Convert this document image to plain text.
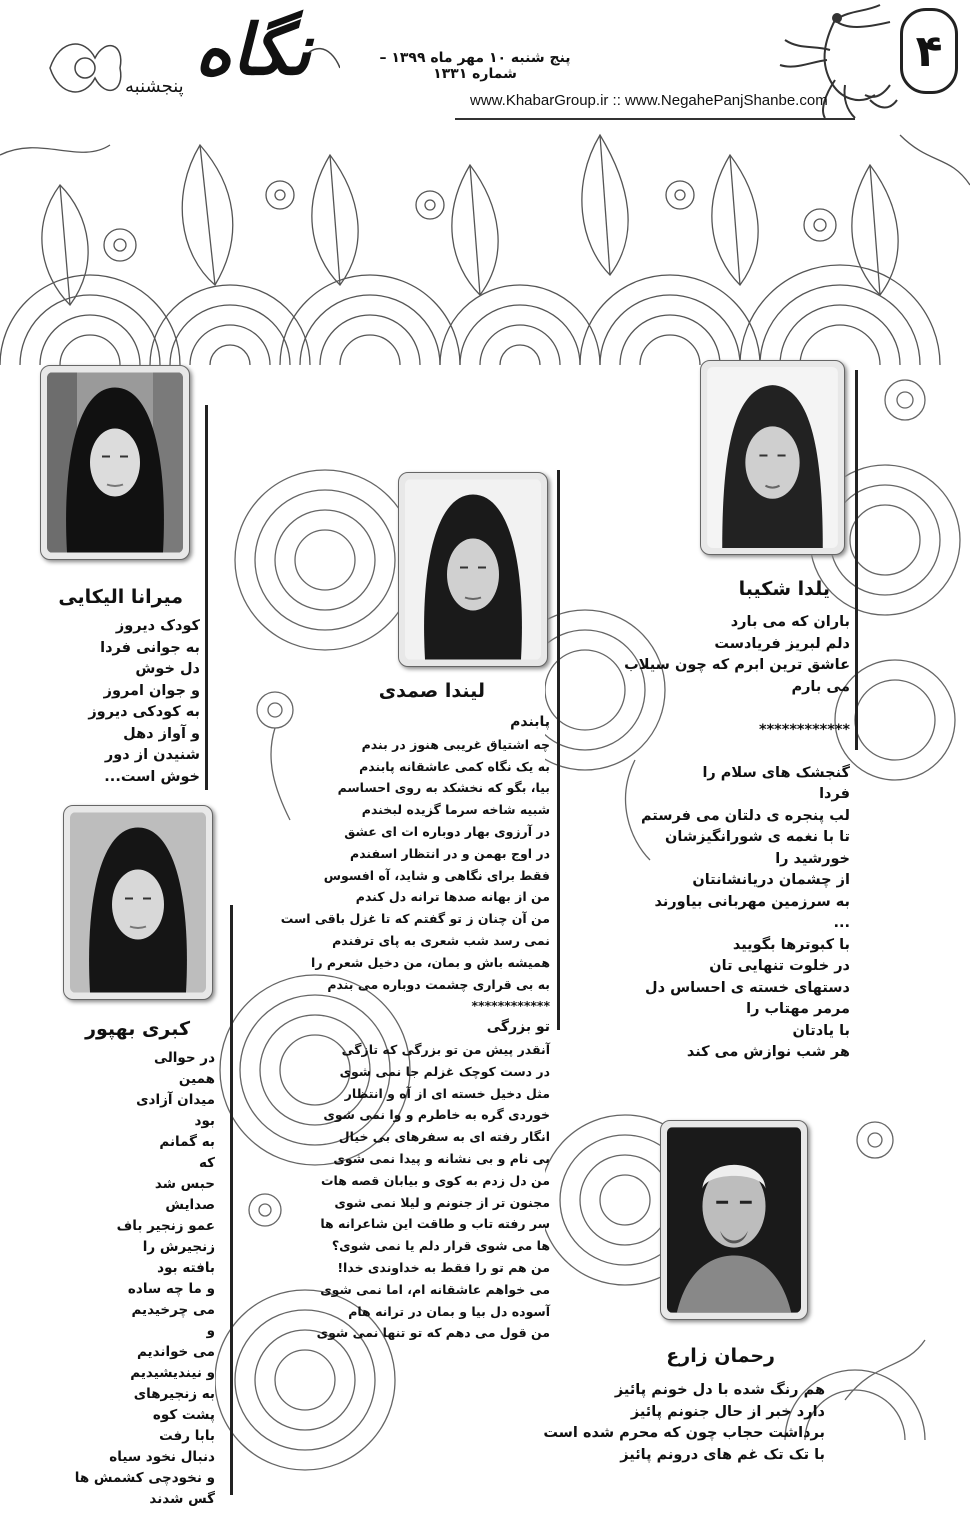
۴
پنج شنبه ۱۰ مهر ماه ۱۳۹۹ – شماره ۱۳۳۱
www.KhabarGroup.ir :: www.NegahePanjShanbe.com
نگاه
پنجشنبه
یلدا شکیبا
باران که می بارد
دلم لبریز فریادست
عاشق ترین ابرم که چون سیلاب
می بارم
************
گنجشک های سلام را
فردا
لب پنجره ی دلتان می فرستم
تا با نغمه ی شورانگیزشان
خورشید را
از چشمان دریانشانتان
به سرزمین مهربانی بیاورند
...
با کبوترها بگویید
در خلوت تنهایی تان
دستهای خسته ی احساس دل
مرمر مهتاب را
با یادتان
هر شب نوازش می کند
لیندا صمدی
پابندم
چه اشتیاق غریبی هنوز در بندم
به یک نگاه کمی عاشقانه پابندم
بیا، بگو که نخشکد به روی احساسم
شبیه شاخه سرما گزیده لبخندم
در آرزوی بهار دوباره ات ای عشق
در اوج بهمن و در انتظار اسفندم
فقط برای نگاهی و شاید، آه افسوس
من از بهانه صدها ترانه دل کندم
من آن چنان ز تو گفتم که تا غزل باقی است
نمی رسد شب شعری به پای ترفندم
همیشه باش و بمان، من دخیل شعرم را
به بی قراری چشمت دوباره می بندم
************
تو بزرگی
آنقدر پیش من تو بزرگی که تازگی
در دست کوچک غزلم جا نمی شوی
مثل دخیل خسته ای از آه و انتظار
خوردی گره به خاطرم و وا نمی شوی
انگار رفته ای به سفرهای بی خیال
بی نام و بی نشانه و پیدا نمی شوی
من دل زدم به کوی و بیابان قصه هات
مجنون تر از جنونم و لیلا نمی شوی
سر رفته تاب و طاقت این شاعرانه ها
ها می شوی قرار دلم یا نمی شوی؟
من هم تو را فقط به خداوندی خدا!
می خواهم عاشقانه ام، اما نمی شوی
آسوده دل بیا و بمان در ترانه هام
من قول می دهم که تو تنها نمی شوی
میرانا الیکایی
کودک دیروز
به جوانی فردا
دل خوش
و جوان امروز
به کودکی دیروز
و آواز دهل
شنیدن از دور
خوش است...
کبری بهپور
در حوالی
همین
میدان آزادی
بود
به گمانم
که
حبس شد
صدایش
عمو زنجیر باف
زنجیرش را
بافته بود
و ما چه ساده
می چرخیدیم
و
می خواندیم
و نیندیشیدیم
به زنجیرهای
پشت کوه
بابا رفت
دنبال نخود سیاه
و نخودچی کشمش ها
گس شدند
رحمان زارع
هم رنگ شده با دل خونم پائیز
دارد خبر از حال جنونم پائیز
برداشت حجاب چون که محرم شده است
با تک تک غم های درونم پائیز
